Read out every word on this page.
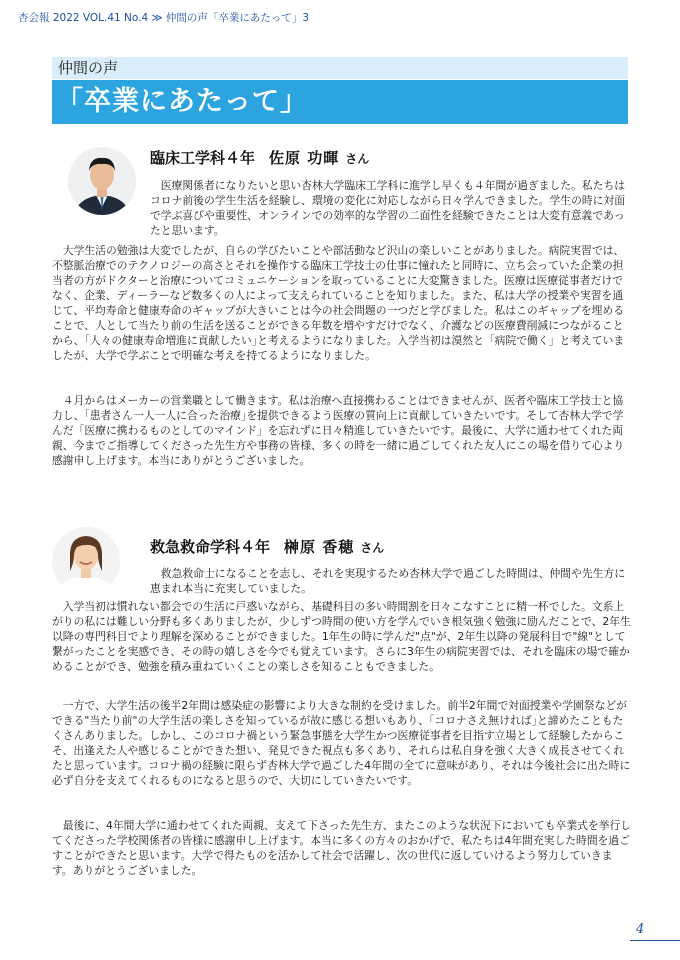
杏会報 2022 VOL.41 No.4 ≫ 仲間の声「卒業にあたって」3
仲間の声
「卒業にあたって」
臨床工学科４年 佐原 功暉 さん

医療関係者になりたいと思い杏林大学臨床工学科に進学し早くも４年間が過ぎました。私たちはコロナ前後の学生生活を経験し、環境の変化に対応しながら日々学んできました。学生の時に対面で学ぶ喜びや重要性、オンラインでの効率的な学習の二面性を経験できたことは大変有意義であったと思います。

大学生活の勉強は大変でしたが、自らの学びたいことや部活動など沢山の楽しいことがありました。病院実習では、不整脈治療でのテクノロジーの高さとそれを操作する臨床工学技士の仕事に憧れたと同時に、立ち会っていた企業の担当者の方がドクターと治療についてコミュニケーションを取っていることに大変驚きました。医療は医療従事者だけでなく、企業、ディーラーなど数多くの人によって支えられていることを知りました。また、私は大学の授業や実習を通じて、平均寿命と健康寿命のギャップが大きいことは今の社会問題の一つだと学びました。私はこのギャップを埋めることで、人として当たり前の生活を送ることができる年数を増やすだけでなく、介護などの医療費削減につながることから、｢人々の健康寿命増進に貢献したい｣と考えるようになりました。入学当初は漠然と「病院で働く」と考えていましたが、大学で学ぶことで明確な考えを持てるようになりました。

４月からはメーカーの営業職として働きます。私は治療へ直接携わることはできませんが、医者や臨床工学技士と協力し、｢患者さん一人一人に合った治療｣を提供できるよう医療の質向上に貢献していきたいです。そして杏林大学で学んだ「医療に携わるものとしてのマインド」を忘れずに日々精進していきたいです。最後に、大学に通わせてくれた両親、今までご指導してくださった先生方や事務の皆様、多くの時を一緒に過ごしてくれた友人にこの場を借りて心より感謝申し上げます。本当にありがとうございました。

救急救命学科４年 榊原 香穂 さん

救急救命士になることを志し、それを実現するため杏林大学で過ごした時間は、仲間や先生方に恵まれ本当に充実していました。

入学当初は慣れない都会での生活に戸惑いながら、基礎科目の多い時間割を日々こなすことに精一杯でした。文系上がりの私には難しい分野も多くありましたが、少しずつ時間の使い方を学んでいき根気強く勉強に励んだことで、2年生以降の専門科目でより理解を深めることができました。1年生の時に学んだ"点"が、2年生以降の発展科目で"線"として繋がったことを実感でき、その時の嬉しさを今でも覚えています。さらに3年生の病院実習では、それを臨床の場で確かめることができ、勉強を積み重ねていくことの楽しさを知ることもできました。

一方で、大学生活の後半2年間は感染症の影響により大きな制約を受けました。前半2年間で対面授業や学園祭などができる"当たり前"の大学生活の楽しさを知っているが故に感じる想いもあり、｢コロナさえ無ければ｣と諦めたこともたくさんありました。しかし、このコロナ禍という緊急事態を大学生かつ医療従事者を目指す立場として経験したからこそ、出逢えた人や感じることができた想い、発見できた視点も多くあり、それらは私自身を強く大きく成長させてくれたと思っています。コロナ禍の経験に限らず杏林大学で過ごした4年間の全てに意味があり、それは今後社会に出た時に必ず自分を支えてくれるものになると思うので、大切にしていきたいです。

最後に、4年間大学に通わせてくれた両親、支えて下さった先生方、またこのような状況下においても卒業式を挙行してくださった学校関係者の皆様に感謝申し上げます。本当に多くの方々のおかげで、私たちは4年間充実した時間を過ごすことができたと思います。大学で得たものを活かして社会で活躍し、次の世代に返していけるよう努力していきます。ありがとうございました。

4
